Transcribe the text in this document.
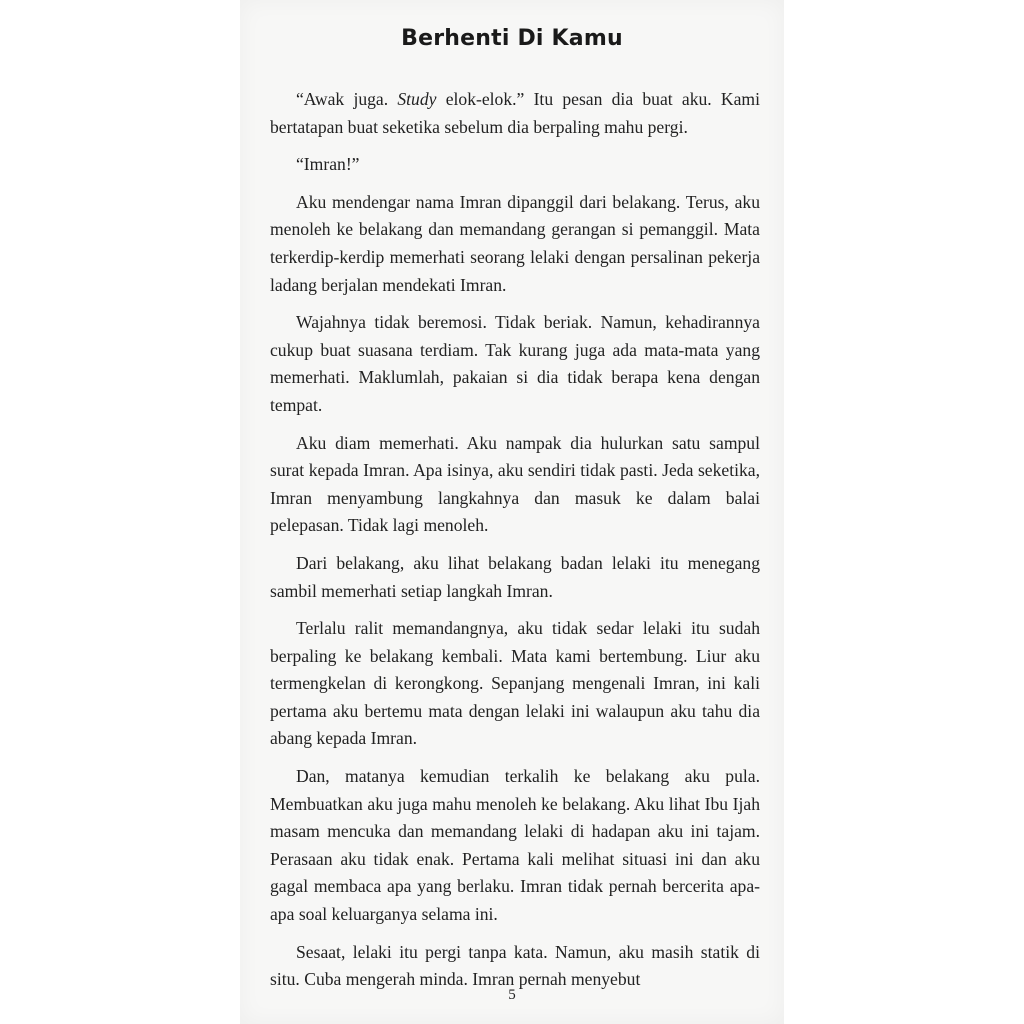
Berhenti Di Kamu

“Awak juga. Study elok-elok.” Itu pesan dia buat aku. Kami bertatapan buat seketika sebelum dia berpaling mahu pergi.

“Imran!”

Aku mendengar nama Imran dipanggil dari belakang. Terus, aku menoleh ke belakang dan memandang gerangan si pemanggil. Mata terkerdip-kerdip memerhati seorang lelaki dengan persalinan pekerja ladang berjalan mendekati Imran.

Wajahnya tidak beremosi. Tidak beriak. Namun, kehadirannya cukup buat suasana terdiam. Tak kurang juga ada mata-mata yang memerhati. Maklumlah, pakaian si dia tidak berapa kena dengan tempat.

Aku diam memerhati. Aku nampak dia hulurkan satu sampul surat kepada Imran. Apa isinya, aku sendiri tidak pasti. Jeda seketika, Imran menyambung langkahnya dan masuk ke dalam balai pelepasan. Tidak lagi menoleh.

Dari belakang, aku lihat belakang badan lelaki itu menegang sambil memerhati setiap langkah Imran.

Terlalu ralit memandangnya, aku tidak sedar lelaki itu sudah berpaling ke belakang kembali. Mata kami bertembung. Liur aku termengkelan di kerongkong. Sepanjang mengenali Imran, ini kali pertama aku bertemu mata dengan lelaki ini walaupun aku tahu dia abang kepada Imran.

Dan, matanya kemudian terkalih ke belakang aku pula. Membuatkan aku juga mahu menoleh ke belakang. Aku lihat Ibu Ijah masam mencuka dan memandang lelaki di hadapan aku ini tajam. Perasaan aku tidak enak. Pertama kali melihat situasi ini dan aku gagal membaca apa yang berlaku. Imran tidak pernah bercerita apa-apa soal keluarganya selama ini.

Sesaat, lelaki itu pergi tanpa kata. Namun, aku masih statik di situ. Cuba mengerah minda. Imran pernah menyebut

5
